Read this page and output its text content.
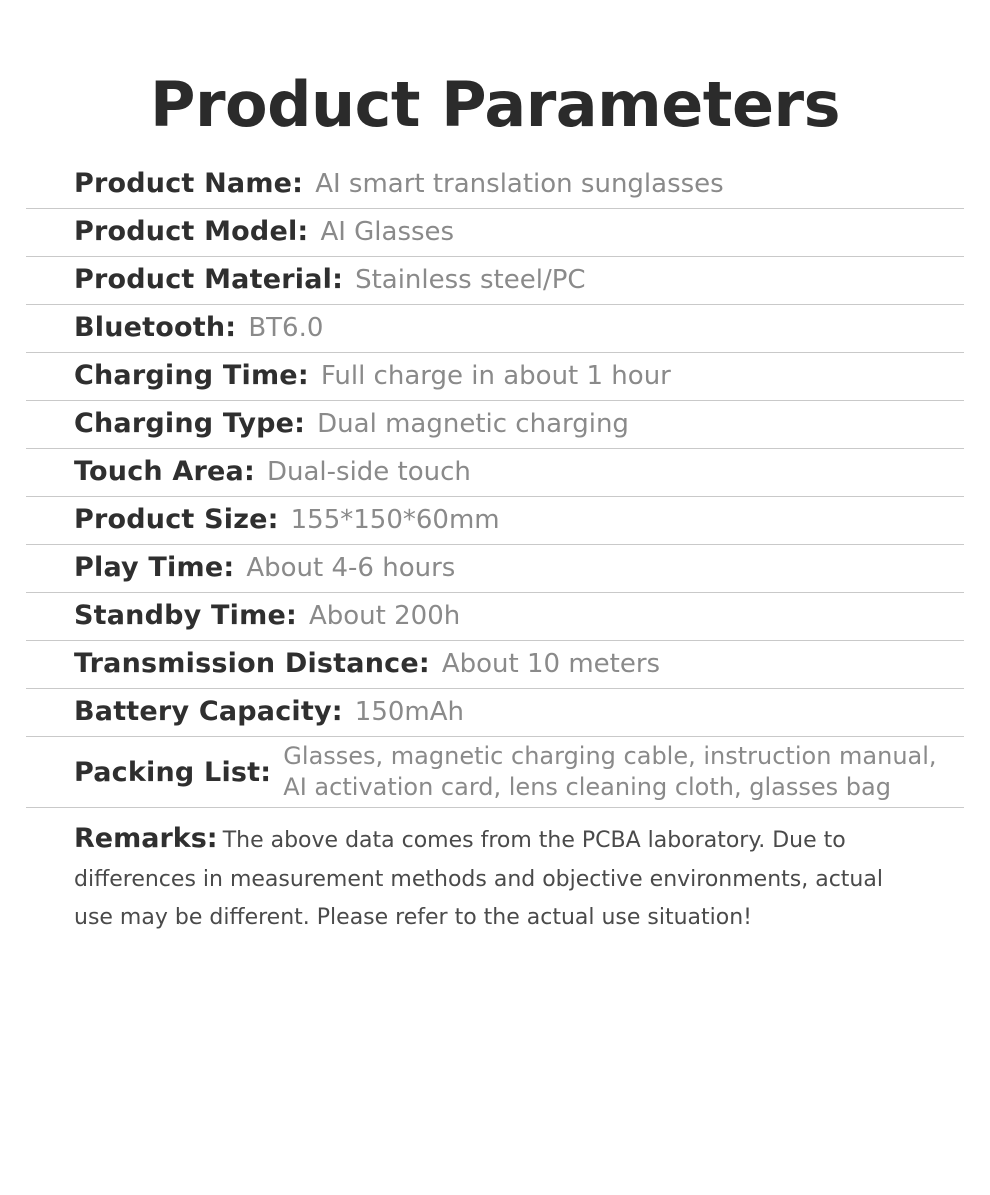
Product Parameters
Product Name: AI smart translation sunglasses
Product Model: AI Glasses
Product Material: Stainless steel/PC
Bluetooth: BT6.0
Charging Time: Full charge in about 1 hour
Charging Type: Dual magnetic charging
Touch Area: Dual-side touch
Product Size: 155*150*60mm
Play Time: About 4-6 hours
Standby Time: About 200h
Transmission Distance: About 10 meters
Battery Capacity: 150mAh
Packing List:
Glasses, magnetic charging cable, instruction manual, AI activation card, lens cleaning cloth, glasses bag

Remarks: The above data comes from the PCBA laboratory. Due to differences in measurement methods and objective environments, actual use may be different. Please refer to the actual use situation!
